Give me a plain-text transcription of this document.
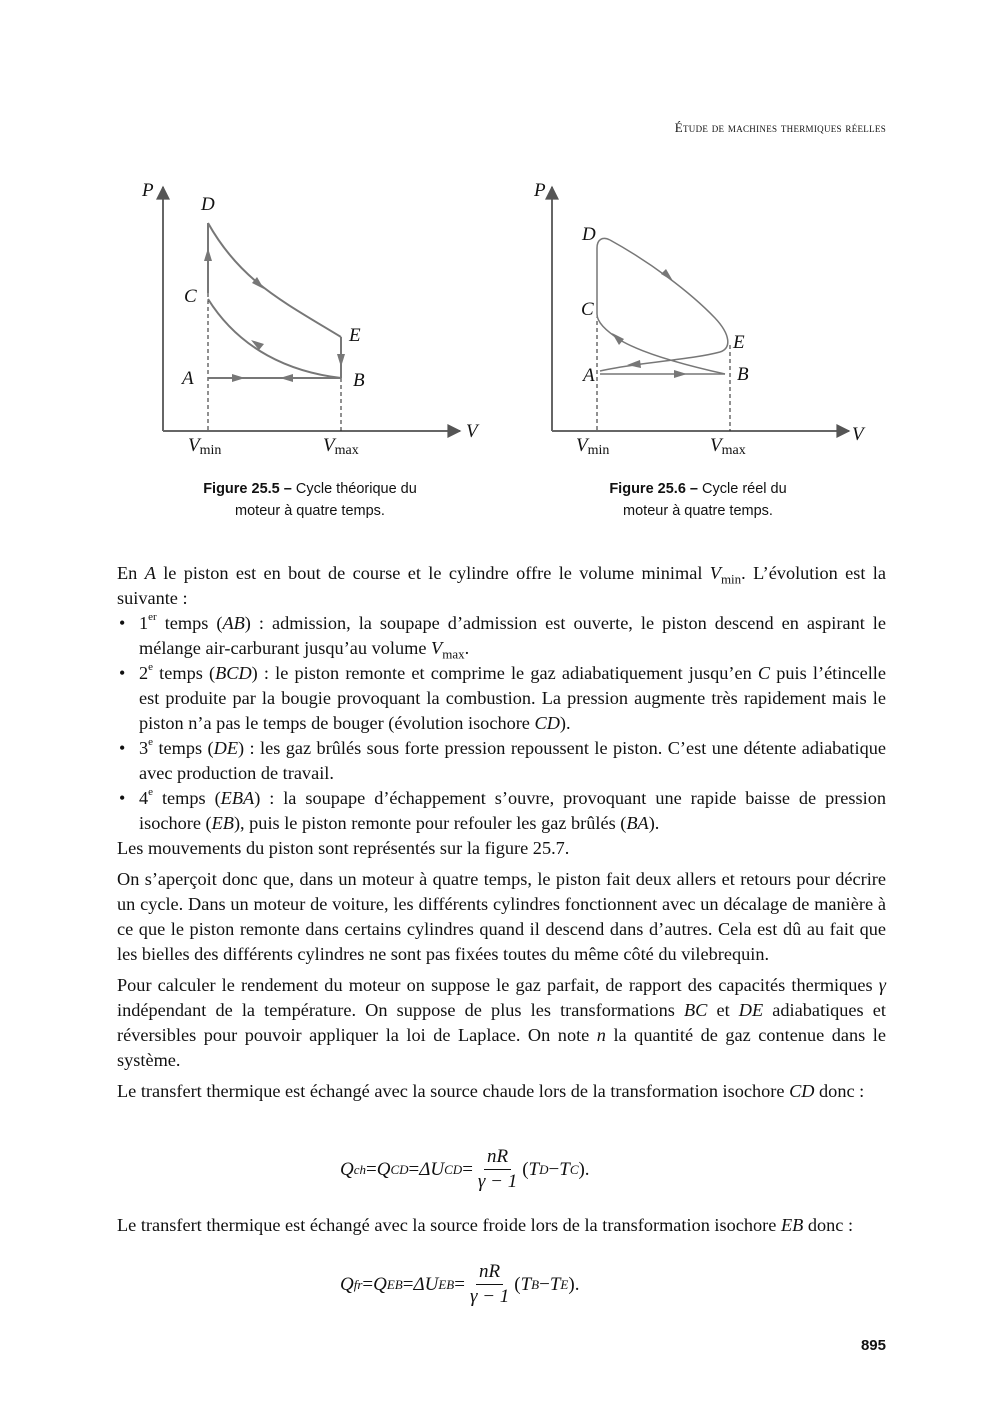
Étude de machines thermiques réelles
P
V
D
C
E
A	B
Vmin	Vmax
Figure 25.5 – Cycle théorique du
moteur à quatre temps.
P
V
D
C
E
A	B
Vmin	Vmax
Figure 25.6 – Cycle réel du
moteur à quatre temps.

En A le piston est en bout de course et le cylindre offre le volume minimal $V_{min}$. L’évolution est la suivante :

• 1er temps (AB) : admission, la soupape d’admission est ouverte, le piston descend en aspirant le mélange air-carburant jusqu’au volume $V_{max}$.
• 2e temps (BCD) : le piston remonte et comprime le gaz adiabatiquement jusqu’en C puis l’étincelle est produite par la bougie provoquant la combustion. La pression augmente très rapidement mais le piston n’a pas le temps de bouger (évolution isochore CD).
• 3e temps (DE) : les gaz brûlés sous forte pression repoussent le piston. C’est une détente adiabatique avec production de travail.
• 4e temps (EBA) : la soupape d’échappement s’ouvre, provoquant une rapide baisse de pression isochore (EB), puis le piston remonte pour refouler les gaz brûlés (BA).

Les mouvements du piston sont représentés sur la figure 25.7.

On s’aperçoit donc que, dans un moteur à quatre temps, le piston fait deux allers et retours pour décrire un cycle. Dans un moteur de voiture, les différents cylindres fonctionnent avec un décalage de manière à ce que le piston remonte dans certains cylindres quand il descend dans d’autres. Cela est dû au fait que les bielles des différents cylindres ne sont pas fixées toutes du même côté du vilebrequin.

Pour calculer le rendement du moteur on suppose le gaz parfait, de rapport des capacités thermiques γ indépendant de la température. On suppose de plus les transformations BC et DE adiabatiques et réversibles pour pouvoir appliquer la loi de Laplace. On note n la quantité de gaz contenue dans le système.

Le transfert thermique est échangé avec la source chaude lors de la transformation isochore CD donc :

Q ch = Q CD = ΔU CD = $\frac{nR}{\gamma - 1}$ ( T D − T C ).

Le transfert thermique est échangé avec la source froide lors de la transformation isochore EB donc :

Q fr = Q EB = ΔU EB = $\frac{nR}{\gamma - 1}$ ( T B − T E ).
895
